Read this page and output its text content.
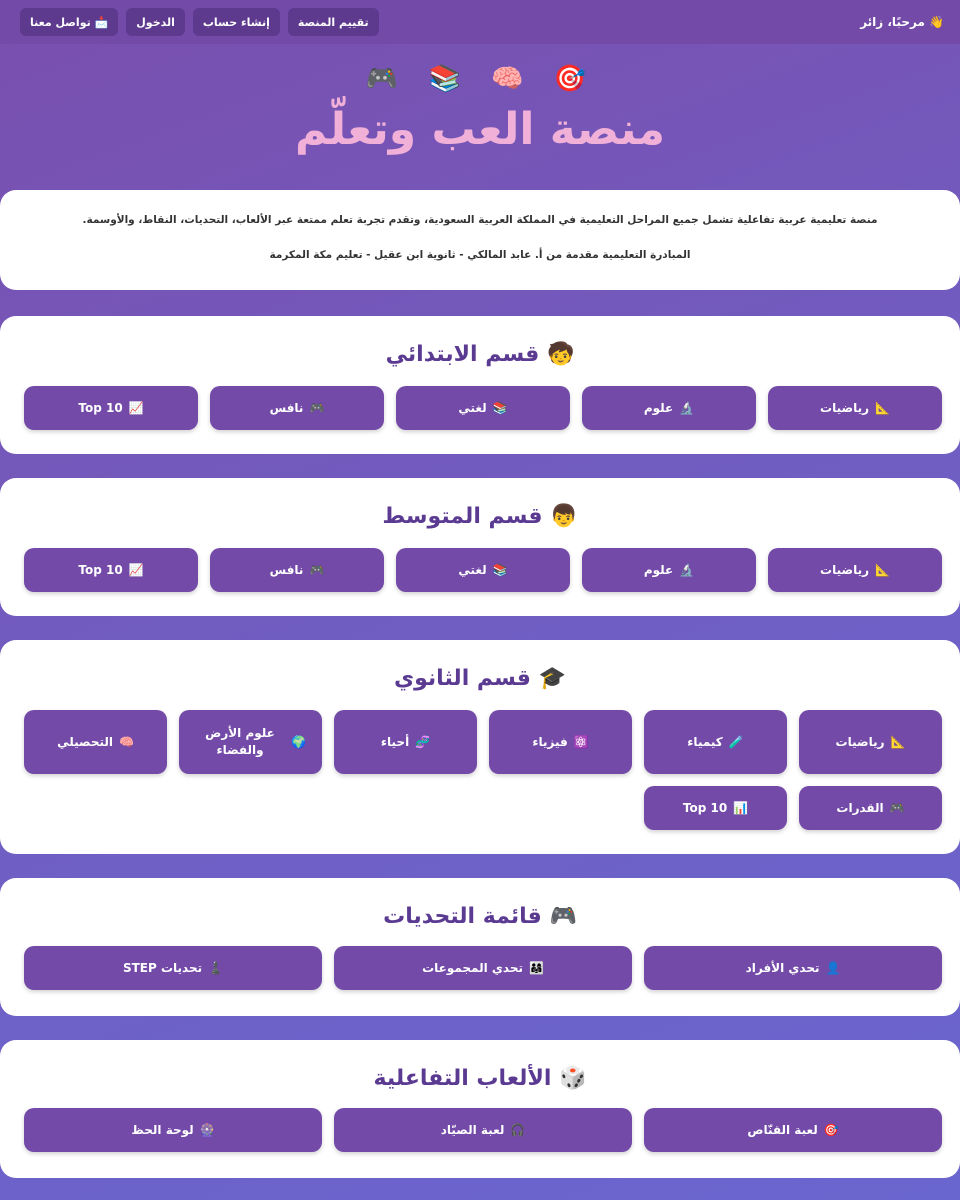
👋 مرحبًا، زائر
تقييم المنصة
إنشاء حساب
الدخول
📩 تواصل معنا
🎯 🧠 📚 🎮
منصة العب وتعلّم

منصة تعليمية عربية تفاعلية تشمل جميع المراحل التعليمية في المملكة العربية السعودية، وتقدم تجربة تعلم ممتعة عبر الألعاب، التحديات، النقاط، والأوسمة.

المبادرة التعليمية مقدمة من أ. عابد المالكي - ثانوية ابن عقيل - تعليم مكة المكرمة

🧒 قسم الابتدائي
📐
رياضيات
🔬
علوم
📚
لغتي
🎮
نافس
📈
Top 10
👦 قسم المتوسط
📐
رياضيات
🔬
علوم
📚
لغتي
🎮
نافس
📈
Top 10
🎓 قسم الثانوي
📐
رياضيات
🧪
كيمياء
⚛️
فيزياء
🧬
أحياء
🌍
علوم الأرض والفضاء
🧠
التحصيلي
🎮
القدرات
📊
Top 10
🎮 قائمة التحديات
👤
تحدي الأفراد
👨‍👩‍👧
تحدي المجموعات
♟️
تحديات STEP
🎲 الألعاب التفاعلية
🎯
لعبة القنّاص
🎧
لعبة الصيّاد
🎡
لوحة الحظ
